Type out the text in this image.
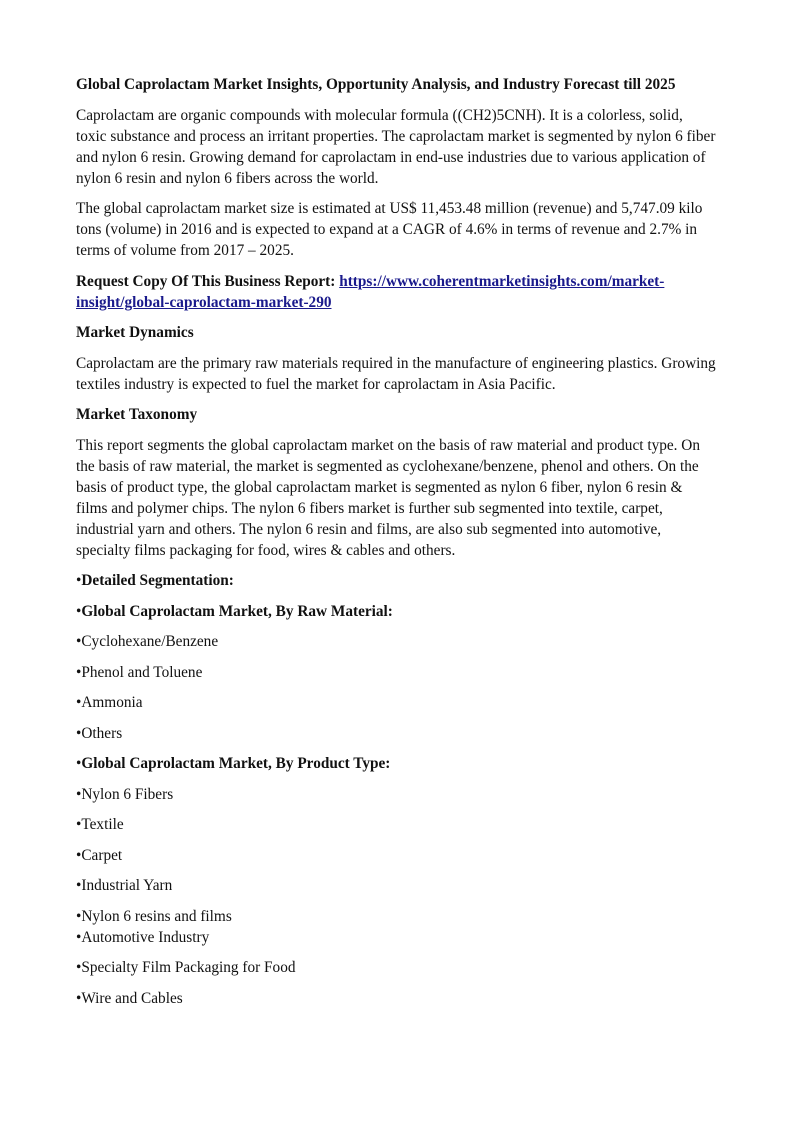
Global Caprolactam Market Insights, Opportunity Analysis, and Industry Forecast till 2025

Caprolactam are organic compounds with molecular formula ((CH2)5CNH). It is a colorless, solid, toxic substance and process an irritant properties. The caprolactam market is segmented by nylon 6 fiber and nylon 6 resin. Growing demand for caprolactam in end-use industries due to various application of nylon 6 resin and nylon 6 fibers across the world.

The global caprolactam market size is estimated at US$ 11,453.48 million (revenue) and 5,747.09 kilo tons (volume) in 2016 and is expected to expand at a CAGR of 4.6% in terms of revenue and 2.7% in terms of volume from 2017 – 2025.

Request Copy Of This Business Report: https://www.coherentmarketinsights.com/market-insight/global-caprolactam-market-290

Market Dynamics

Caprolactam are the primary raw materials required in the manufacture of engineering plastics. Growing textiles industry is expected to fuel the market for caprolactam in Asia Pacific.

Market Taxonomy

This report segments the global caprolactam market on the basis of raw material and product type. On the basis of raw material, the market is segmented as cyclohexane/benzene, phenol and others. On the basis of product type, the global caprolactam market is segmented as nylon 6 fiber, nylon 6 resin & films and polymer chips. The nylon 6 fibers market is further sub segmented into textile, carpet, industrial yarn and others. The nylon 6 resin and films, are also sub segmented into automotive, specialty films packaging for food, wires & cables and others.

•Detailed Segmentation:

•Global Caprolactam Market, By Raw Material:

•Cyclohexane/Benzene

•Phenol and Toluene

•Ammonia

•Others

•Global Caprolactam Market, By Product Type:

•Nylon 6 Fibers

•Textile

•Carpet

•Industrial Yarn

•Nylon 6 resins and films

•Automotive Industry

•Specialty Film Packaging for Food

•Wire and Cables
